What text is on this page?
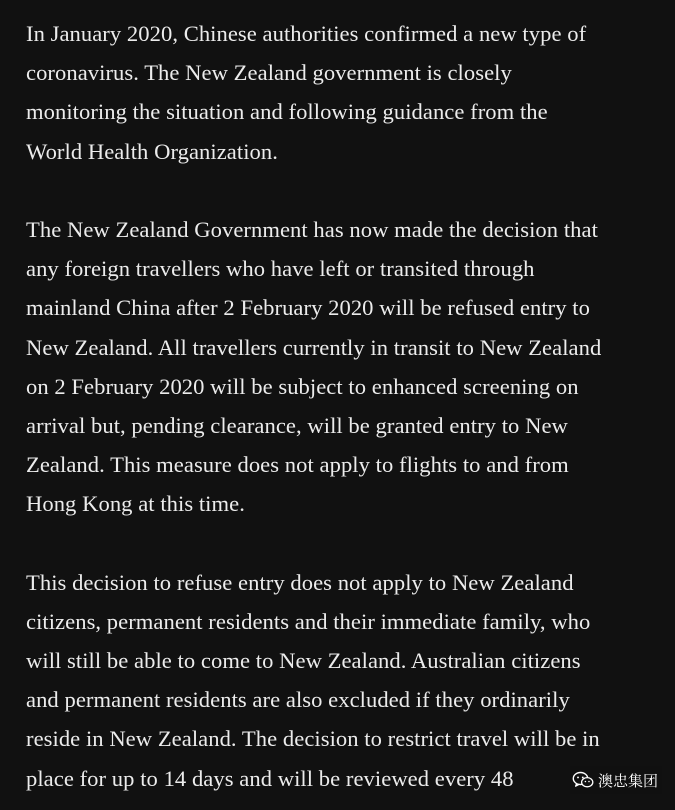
In January 2020, Chinese authorities confirmed a new type of
coronavirus. The New Zealand government is closely
monitoring the situation and following guidance from the
World Health Organization.

The New Zealand Government has now made the decision that
any foreign travellers who have left or transited through
mainland China after 2 February 2020 will be refused entry to
New Zealand. All travellers currently in transit to New Zealand
on 2 February 2020 will be subject to enhanced screening on
arrival but, pending clearance, will be granted entry to New
Zealand. This measure does not apply to flights to and from
Hong Kong at this time.

This decision to refuse entry does not apply to New Zealand
citizens, permanent residents and their immediate family, who
will still be able to come to New Zealand. Australian citizens
and permanent residents are also excluded if they ordinarily
reside in New Zealand. The decision to restrict travel will be in
place for up to 14 days and will be reviewed every 48	澳忠集团
